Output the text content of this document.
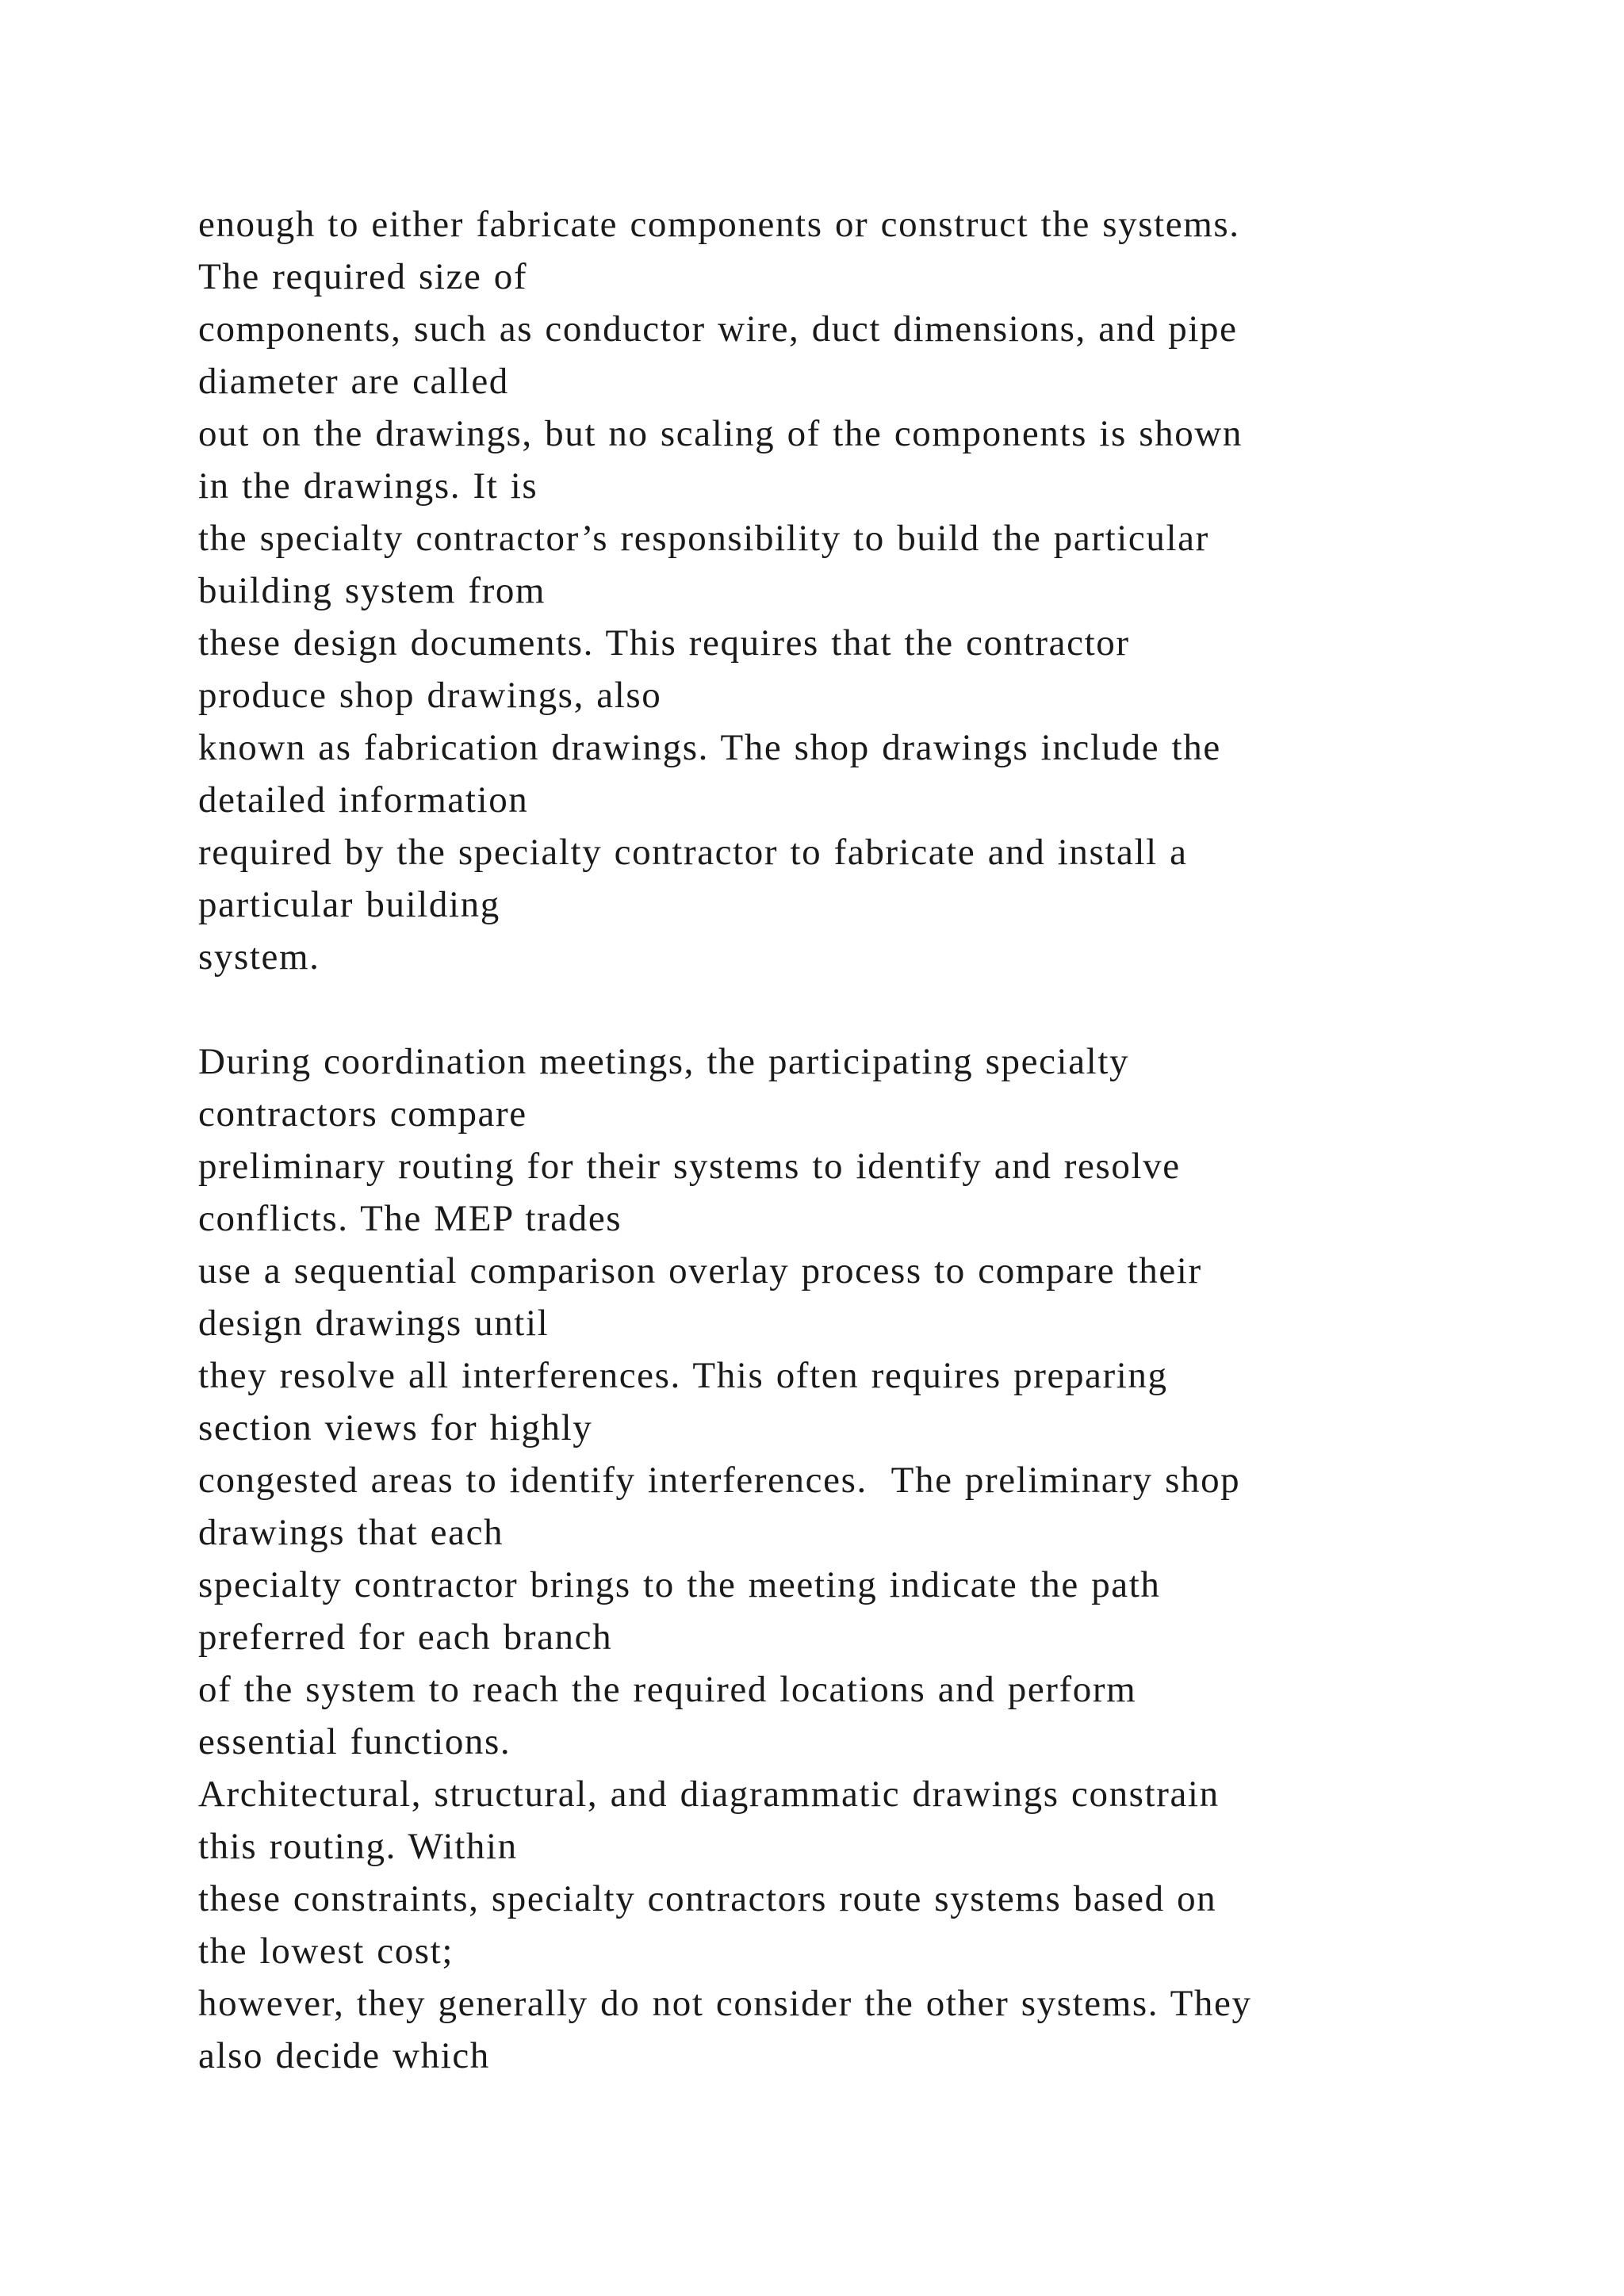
enough to either fabricate components or construct the systems.
The required size of
components, such as conductor wire, duct dimensions, and pipe
diameter are called
out on the drawings, but no scaling of the components is shown
in the drawings. It is
the specialty contractor’s responsibility to build the particular
building system from
these design documents. This requires that the contractor
produce shop drawings, also
known as fabrication drawings. The shop drawings include the
detailed information
required by the specialty contractor to fabricate and install a
particular building
system.
During coordination meetings, the participating specialty
contractors compare
preliminary routing for their systems to identify and resolve
conflicts. The MEP trades
use a sequential comparison overlay process to compare their
design drawings until
they resolve all interferences. This often requires preparing
section views for highly
congested areas to identify interferences.  The preliminary shop
drawings that each
specialty contractor brings to the meeting indicate the path
preferred for each branch
of the system to reach the required locations and perform
essential functions.
Architectural, structural, and diagrammatic drawings constrain
this routing. Within
these constraints, specialty contractors route systems based on
the lowest cost;
however, they generally do not consider the other systems. They
also decide which
